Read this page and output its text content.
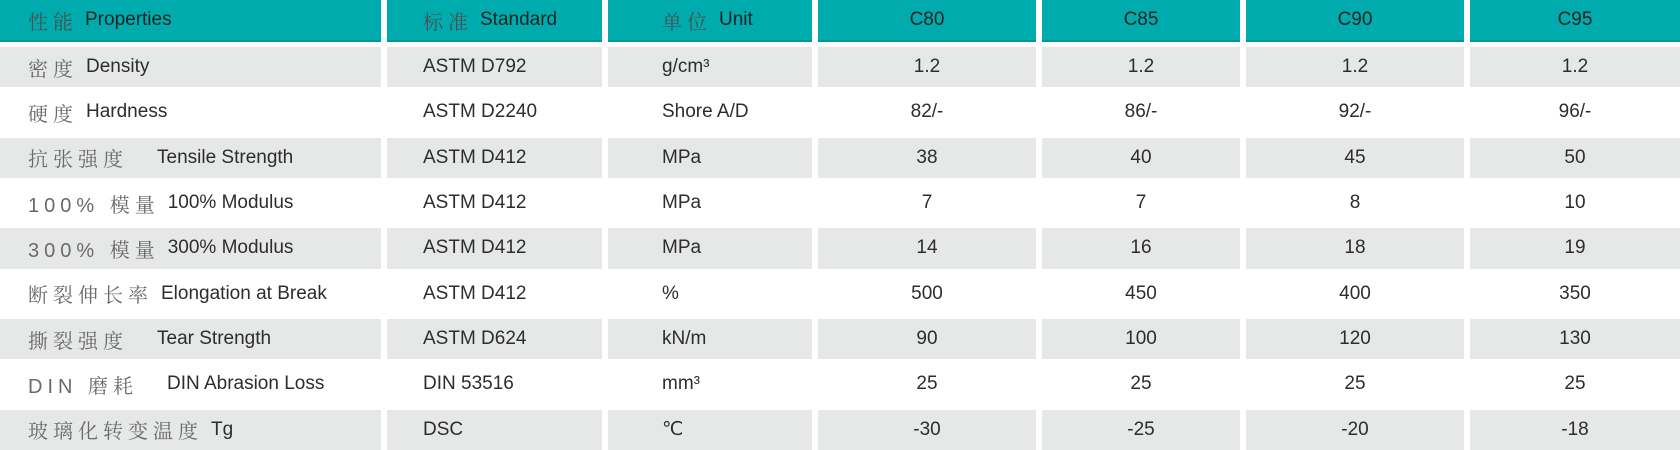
性能 Properties	标准 Standard	单位 Unit	C80	C85	C90	C95
密度 Density	ASTM D792	g/cm³	1.2	1.2	1.2	1.2
硬度 Hardness	ASTM D2240	Shore A/D	82/-	86/-	92/-	96/-
抗张强度 Tensile Strength	ASTM D412	MPa	38	40	45	50
100% 模量 100% Modulus	ASTM D412	MPa	7	7	8	10
300% 模量 300% Modulus	ASTM D412	MPa	14	16	18	19
断裂伸长率 Elongation at Break	ASTM D412	%	500	450	400	350
撕裂强度 Tear Strength	ASTM D624	kN/m	90	100	120	130
DIN 磨耗 DIN Abrasion Loss	DIN 53516	mm³	25	25	25	25
玻璃化转变温度 Tg	DSC	℃	-30	-25	-20	-18
